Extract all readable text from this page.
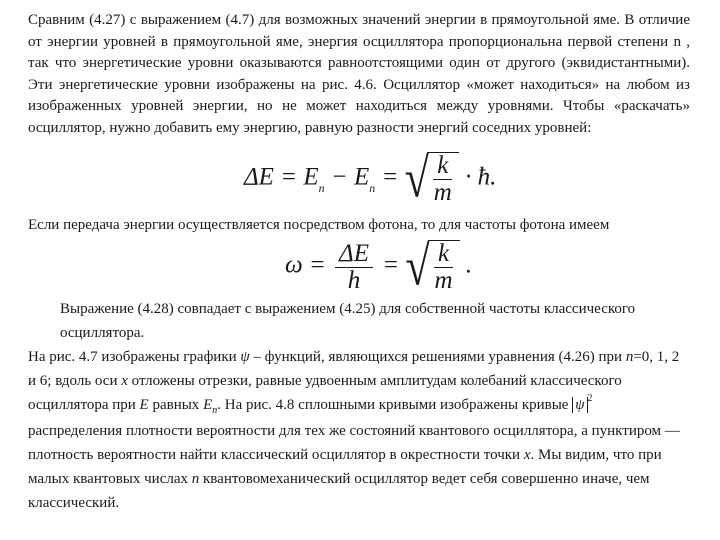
Сравним (4.27) с выражением (4.7) для возможных значений энергии в прямоугольной яме. В отличие от энергии уровней в прямоугольной яме, энергия осциллятора пропорциональна первой степени n , так что энергетические уровни оказываются равноотстоящими один от другого (эквидистантными). Эти энергетические уровни изображены на рис. 4.6. Осциллятор «может находиться» на любом из изображенных уровней энергии, но не может находиться между уровнями. Чтобы «раскачать» осциллятор, нужно добавить ему энергию, равную разности энергий соседних уровней:

$\Delta E = E_n - E_n$ = √ $\frac{k}{m}$ · ħ.

Если передача энергии осуществляется посредством фотона, то для частоты фотона имеем

$\omega = \frac{\Delta E}{h}$ = √ $\frac{k}{m}$ .
Выражение (4.28) совпадает с выражением (4.25) для собственной частоты классического осциллятора.
На рис. 4.7 изображены графики ψ – функций, являющихся решениями уравнения (4.26) при n=0, 1, 2 и 6; вдоль оси x отложены отрезки, равные удвоенным амплитудам колебаний классического осциллятора при E равных $E_n$. На рис. 4.8 сплошными кривыми изображены кривые ψ $^2$ распределения плотности вероятности для тех же состояний квантового осциллятора, а пунктиром — плотность вероятности найти классический осциллятор в окрестности точки x. Мы видим, что при малых квантовых числах n квантовомеханический осциллятор ведет себя совершенно иначе, чем классический.
